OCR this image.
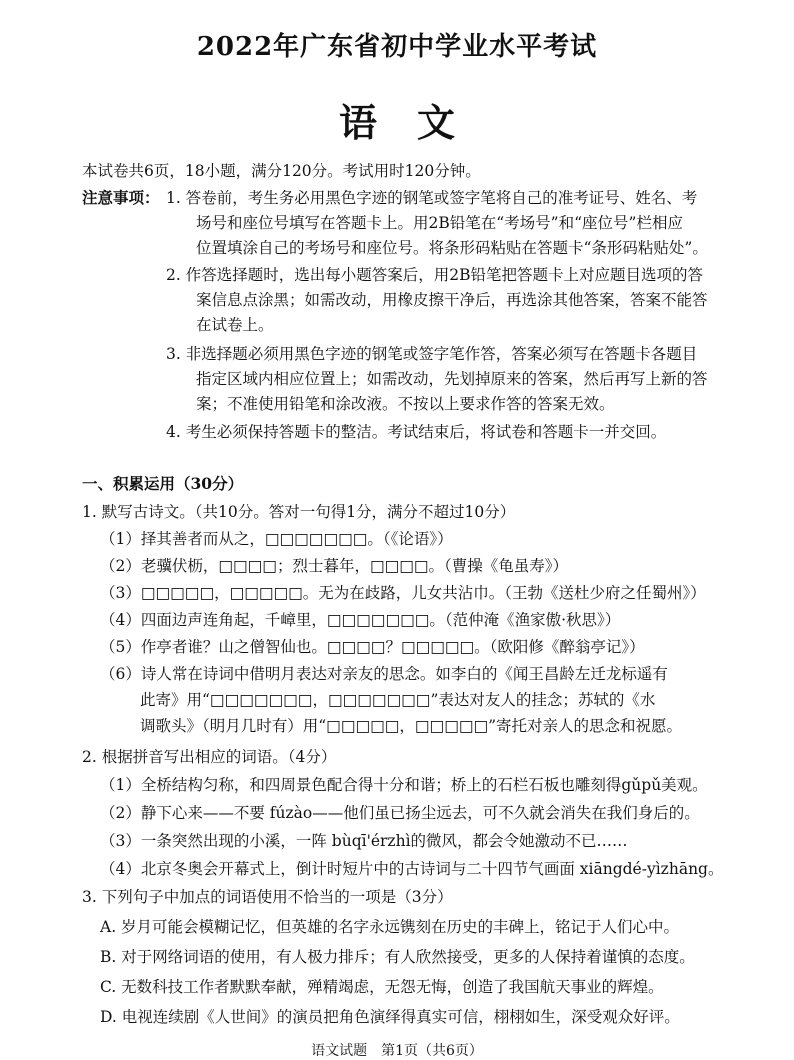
2022年广东省初中学业水平考试
语文
本试卷共6页，18小题，满分120分。考试用时120分钟。
注意事项： 1. 答卷前，考生务必用黑色字迹的钢笔或签字笔将自己的准考证号、姓名、考
场号和座位号填写在答题卡上。用2B铅笔在“考场号”和“座位号”栏相应
位置填涂自己的考场号和座位号。将条形码粘贴在答题卡“条形码粘贴处”。
2. 作答选择题时，选出每小题答案后，用2B铅笔把答题卡上对应题目选项的答
案信息点涂黑；如需改动，用橡皮擦干净后，再选涂其他答案，答案不能答
在试卷上。
3. 非选择题必须用黑色字迹的钢笔或签字笔作答，答案必须写在答题卡各题目
指定区域内相应位置上；如需改动，先划掉原来的答案，然后再写上新的答
案；不准使用铅笔和涂改液。不按以上要求作答的答案无效。
4. 考生必须保持答题卡的整洁。考试结束后，将试卷和答题卡一并交回。
一、积累运用（30分）
1. 默写古诗文。（共10分。答对一句得1分，满分不超过10分）
（1）择其善者而从之，□□□□□□□。（《论语》）
（2）老骥伏枥，□□□□；烈士暮年，□□□□。（曹操《龟虽寿》）
（3）□□□□□，□□□□□。无为在歧路，儿女共沾巾。（王勃《送杜少府之任蜀州》）
（4）四面边声连角起，千嶂里，□□□□□□□。（范仲淹《渔家傲·秋思》）
（5）作亭者谁？山之僧智仙也。□□□□？□□□□□。（欧阳修《醉翁亭记》）
（6）诗人常在诗词中借明月表达对亲友的思念。如李白的《闻王昌龄左迁龙标遥有
此寄》用“□□□□□□□，□□□□□□□”表达对友人的挂念；苏轼的《水
调歌头》（明月几时有）用“□□□□□，□□□□□”寄托对亲人的思念和祝愿。
2. 根据拼音写出相应的词语。（4分）
（1）全桥结构匀称，和四周景色配合得十分和谐；桥上的石栏石板也雕刻得gǔpǔ美观。
（2）静下心来——不要 fúzào——他们虽已扬尘远去，可不久就会消失在我们身后的。
（3）一条突然出现的小溪，一阵 bùqī'érzhì的微风，都会令她激动不已……
（4）北京冬奥会开幕式上，倒计时短片中的古诗词与二十四节气画面 xiāngdé-yìzhāng。
3. 下列句子中加点的词语使用不恰当的一项是（3分）
A. 岁月可能会模糊记忆，但英雄的名字永远镌刻在历史的丰碑上，铭记于人们心中。
B. 对于网络词语的使用，有人极力排斥；有人欣然接受，更多的人保持着谨慎的态度。
C. 无数科技工作者默默奉献，殚精竭虑，无怨无悔，创造了我国航天事业的辉煌。
D. 电视连续剧《人世间》的演员把角色演绎得真实可信，栩栩如生，深受观众好评。
语文试题　第1页（共6页）
